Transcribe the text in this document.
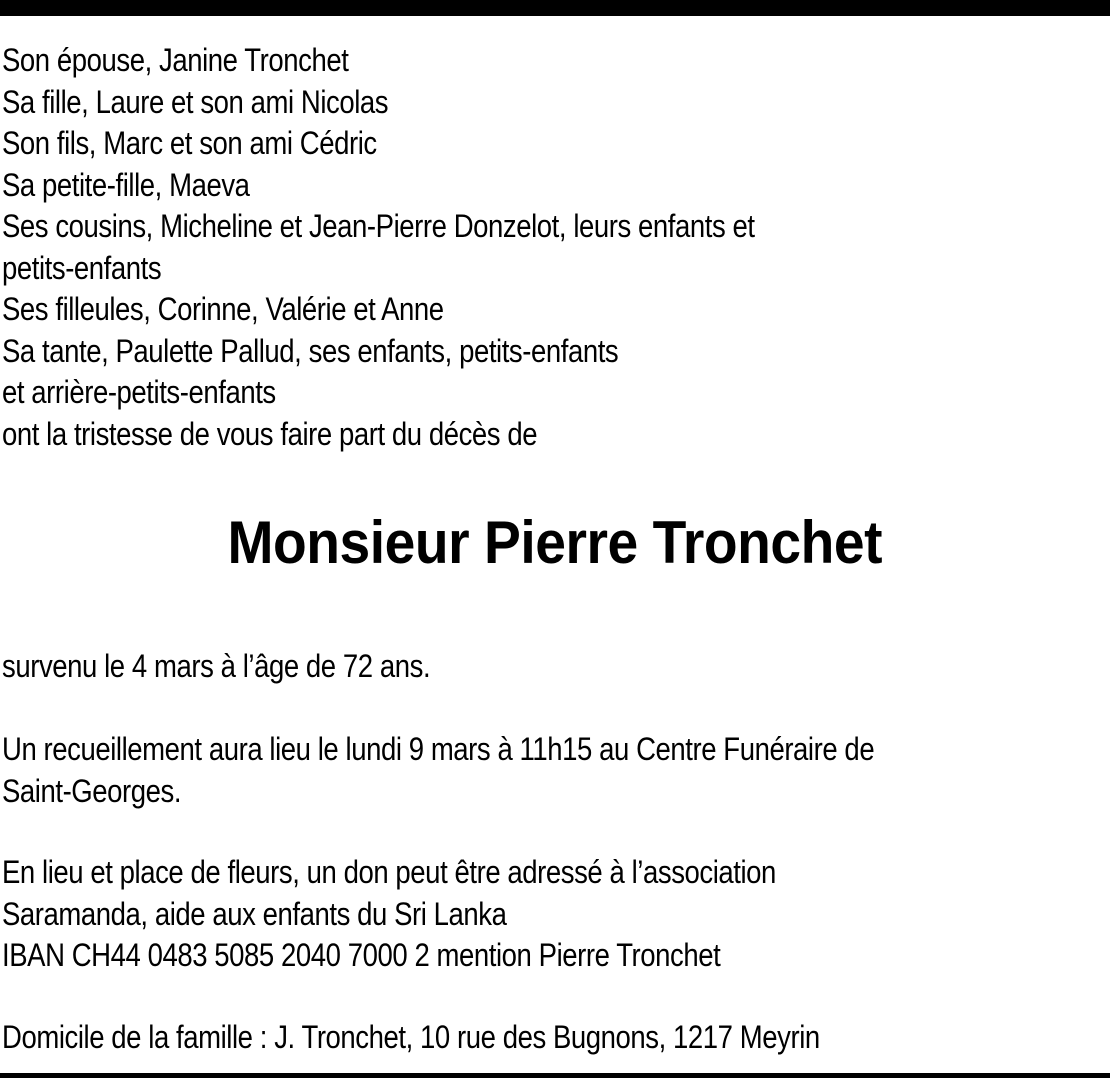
Son épouse, Janine Tronchet
Sa fille, Laure et son ami Nicolas
Son fils, Marc et son ami Cédric
Sa petite-fille, Maeva
Ses cousins, Micheline et Jean-Pierre Donzelot, leurs enfants et
petits-enfants
Ses filleules, Corinne, Valérie et Anne
Sa tante, Paulette Pallud, ses enfants, petits-enfants
et arrière-petits-enfants
ont la tristesse de vous faire part du décès de
Monsieur Pierre Tronchet
survenu le 4 mars à l’âge de 72 ans.
Un recueillement aura lieu le lundi 9 mars à 11h15 au Centre Funéraire de
Saint-Georges.
En lieu et place de fleurs, un don peut être adressé à l’association
Saramanda, aide aux enfants du Sri Lanka
IBAN CH44 0483 5085 2040 7000 2 mention Pierre Tronchet
Domicile de la famille : J. Tronchet, 10 rue des Bugnons, 1217 Meyrin
